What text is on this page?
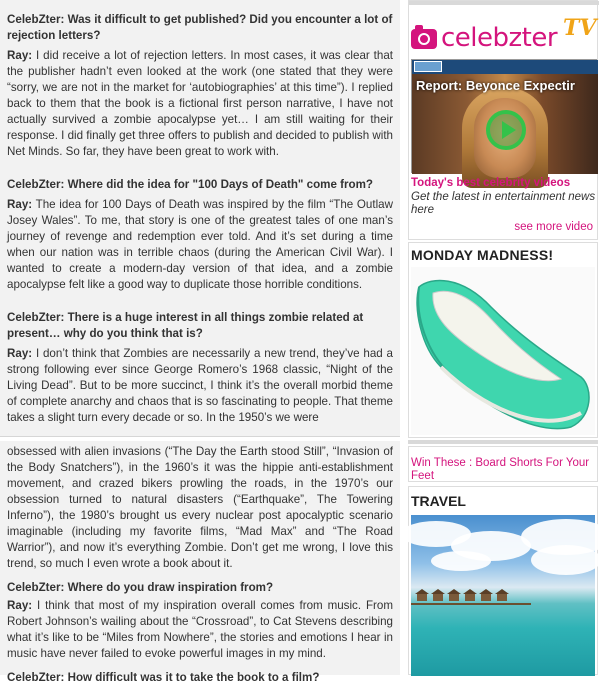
CelebZter: Was it difficult to get published? Did you encounter a lot of rejection letters?

Ray: I did receive a lot of rejection letters. In most cases, it was clear that the publisher hadn’t even looked at the work (one stated that they were “sorry, we are not in the market for ‘autobiographies’ at this time”). I replied back to them that the book is a fictional first person narrative, I have not actually survived a zombie apocalypse yet… I am still waiting for their response. I did finally get three offers to publish and decided to publish with Net Minds. So far, they have been great to work with.

CelebZter: Where did the idea for "100 Days of Death" come from?

Ray: The idea for 100 Days of Death was inspired by the film “The Outlaw Josey Wales”. To me, that story is one of the greatest tales of one man’s journey of revenge and redemption ever told. And it’s set during a time when our nation was in terrible chaos (during the American Civil War). I wanted to create a modern-day version of that idea, and a zombie apocalypse felt like a good way to duplicate those horrible conditions.

CelebZter: There is a huge interest in all things zombie related at present… why do you think that is?

Ray: I don’t think that Zombies are necessarily a new trend, they’ve had a strong following ever since George Romero’s 1968 classic, “Night of the Living Dead”. But to be more succinct, I think it’s the overall morbid theme of complete anarchy and chaos that is so fascinating to people. That theme takes a slight turn every decade or so. In the 1950’s we were

obsessed with alien invasions (“The Day the Earth stood Still”, “Invasion of the Body Snatchers”), in the 1960’s it was the hippie anti-establishment movement, and crazed bikers prowling the roads, in the 1970’s our obsession turned to natural disasters (“Earthquake”, The Towering Inferno”), the 1980’s brought us every nuclear post apocalyptic scenario imaginable (including my favorite films, “Mad Max” and “The Road Warrior”), and now it’s everything Zombie. Don’t get me wrong, I love this trend, so much I even wrote a book about it.

CelebZter: Where do you draw inspiration from?

Ray: I think that most of my inspiration overall comes from music. From Robert Johnson’s wailing about the “Crossroad”, to Cat Stevens describing what it’s like to be “Miles from Nowhere”, the stories and emotions I hear in music have never failed to evoke powerful images in my mind.

CelebZter: How difficult was it to take the book to a film?

celebzter TV
Report: Beyonce Expectir
Today's best celebrity videos

Get the latest in entertainment news here

see more video
MONDAY MADNESS!
Win These : Board Shorts For Your Feet
TRAVEL
